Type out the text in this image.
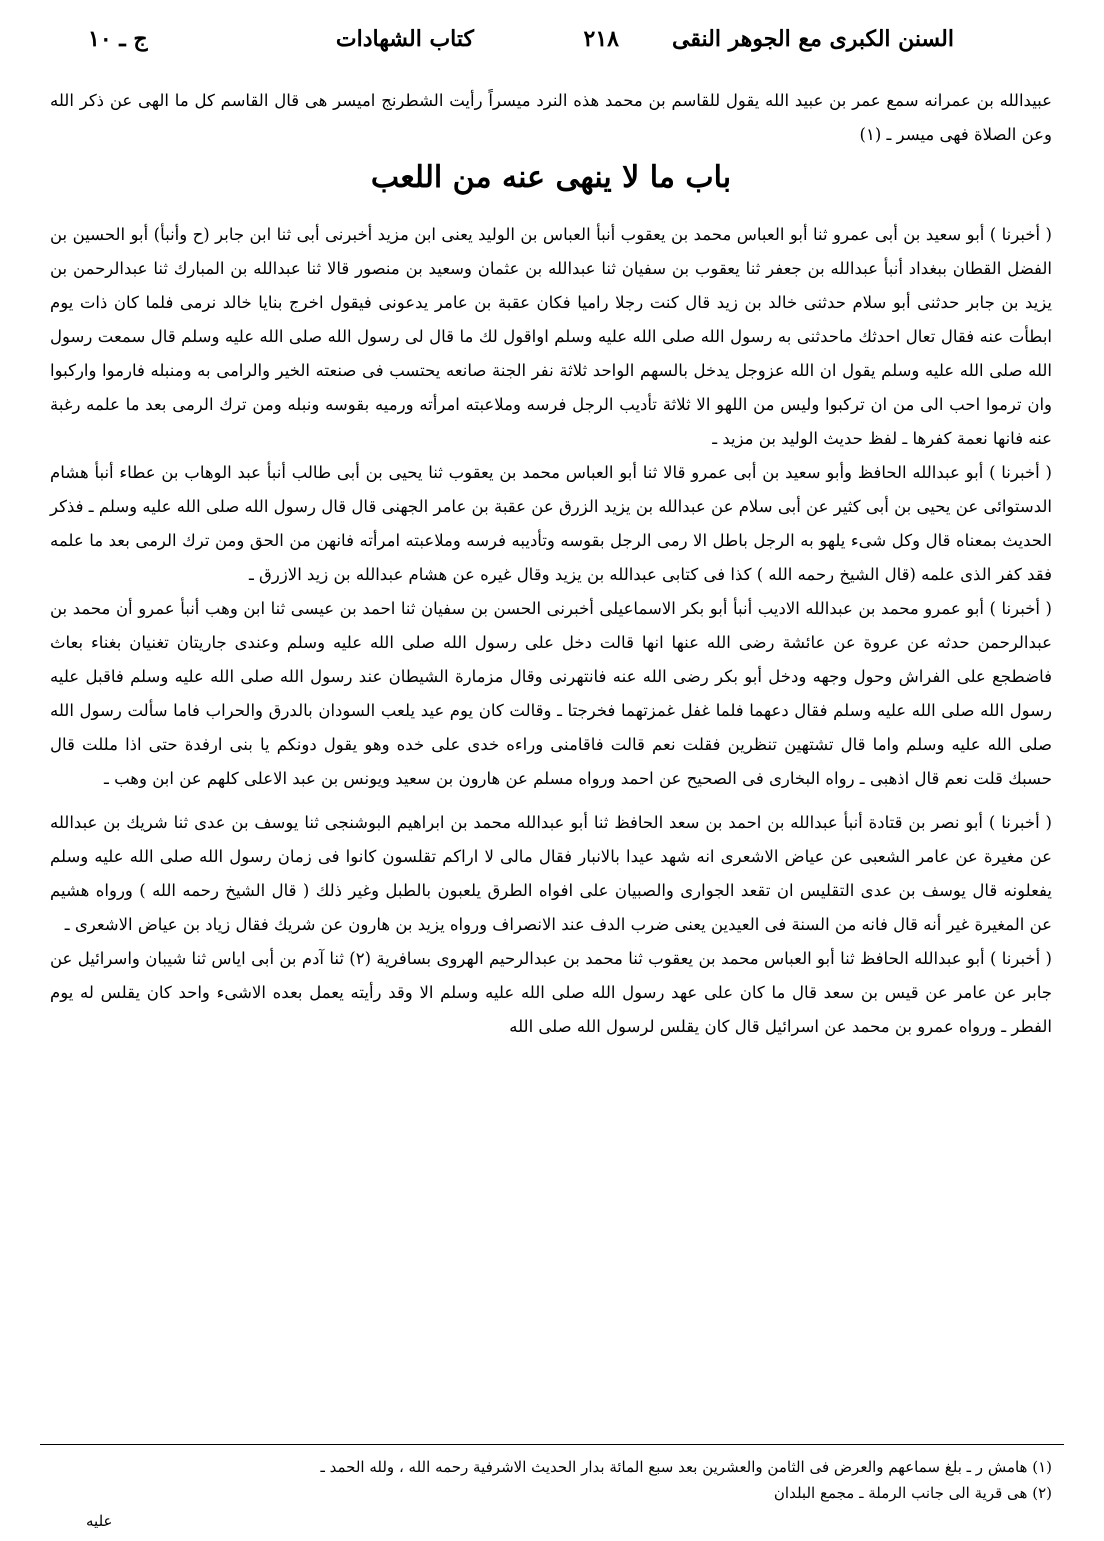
السنن الكبرى مع الجوهر النقى
٢١٨
كتاب الشهادات
ج ـ ١٠

عبيدالله بن عمرانه سمع عمر بن عبيد الله يقول للقاسم بن محمد هذه النرد ميسراً رأيت الشطرنج اميسر هى قال القاسم كل ما الهى عن ذكر الله وعن الصلاة فهى ميسر ـ (١)

باب ما لا ينهى عنه من اللعب

( أخبرنا ) أبو سعيد بن أبى عمرو ثنا أبو العباس محمد بن يعقوب أنبأ العباس بن الوليد يعنى ابن مزيد أخبرنى أبى ثنا ابن جابر (ح وأنبأ) أبو الحسين بن الفضل القطان ببغداد أنبأ عبدالله بن جعفر ثنا يعقوب بن سفيان ثنا عبدالله بن عثمان وسعيد بن منصور قالا ثنا عبدالله بن المبارك ثنا عبدالرحمن بن يزيد بن جابر حدثنى أبو سلام حدثنى خالد بن زيد قال كنت رجلا راميا فكان عقبة بن عامر يدعونى فيقول اخرج بنايا خالد نرمى فلما كان ذات يوم ابطأت عنه فقال تعال احدثك ماحدثنى به رسول الله صلى الله عليه وسلم اواقول لك ما قال لى رسول الله صلى الله عليه وسلم قال سمعت رسول الله صلى الله عليه وسلم يقول ان الله عزوجل يدخل بالسهم الواحد ثلاثة نفر الجنة صانعه يحتسب فى صنعته الخير والرامى به ومنبله فارموا واركبوا وان ترموا احب الى من ان تركبوا وليس من اللهو الا ثلاثة تأديب الرجل فرسه وملاعبته امرأته ورميه بقوسه ونبله ومن ترك الرمى بعد ما علمه رغبة عنه فانها نعمة كفرها ـ لفظ حديث الوليد بن مزيد ـ

( أخبرنا ) أبو عبدالله الحافظ وأبو سعيد بن أبى عمرو قالا ثنا أبو العباس محمد بن يعقوب ثنا يحيى بن أبى طالب أنبأ عبد الوهاب بن عطاء أنبأ هشام الدستوائى عن يحيى بن أبى كثير عن أبى سلام عن عبدالله بن يزيد الزرق عن عقبة بن عامر الجهنى قال قال رسول الله صلى الله عليه وسلم ـ فذكر الحديث بمعناه قال وكل شىء يلهو به الرجل باطل الا رمى الرجل بقوسه وتأديبه فرسه وملاعبته امرأته فانهن من الحق ومن ترك الرمى بعد ما علمه فقد كفر الذى علمه (قال الشيخ رحمه الله ) كذا فى كتابى عبدالله بن يزيد وقال غيره عن هشام عبدالله بن زيد الازرق ـ

( أخبرنا ) أبو عمرو محمد بن عبدالله الاديب أنبأ أبو بكر الاسماعيلى أخبرنى الحسن بن سفيان ثنا احمد بن عيسى ثنا ابن وهب أنبأ عمرو أن محمد بن عبدالرحمن حدثه عن عروة عن عائشة رضى الله عنها انها قالت دخل على رسول الله صلى الله عليه وسلم وعندى جاريتان تغنيان بغناء بعاث فاضطجع على الفراش وحول وجهه ودخل أبو بكر رضى الله عنه فانتهرنى وقال مزمارة الشيطان عند رسول الله صلى الله عليه وسلم فاقبل عليه رسول الله صلى الله عليه وسلم فقال دعهما فلما غفل غمزتهما فخرجتا ـ وقالت كان يوم عيد يلعب السودان بالدرق والحراب فاما سألت رسول الله صلى الله عليه وسلم واما قال تشتهين تنظرين فقلت نعم قالت فاقامنى وراءه خدى على خده وهو يقول دونكم يا بنى ارفدة حتى اذا مللت قال حسبك قلت نعم قال اذهبى ـ رواه البخارى فى الصحيح عن احمد ورواه مسلم عن هارون بن سعيد ويونس بن عبد الاعلى كلهم عن ابن وهب ـ

( أخبرنا ) أبو نصر بن قتادة أنبأ عبدالله بن احمد بن سعد الحافظ ثنا أبو عبدالله محمد بن ابراهيم البوشنجى ثنا يوسف بن عدى ثنا شريك بن عبدالله عن مغيرة عن عامر الشعبى عن عياض الاشعرى انه شهد عيدا بالانبار فقال مالى لا اراكم تقلسون كانوا فى زمان رسول الله صلى الله عليه وسلم يفعلونه قال يوسف بن عدى التقليس ان تقعد الجوارى والصبيان على افواه الطرق يلعبون بالطبل وغير ذلك ( قال الشيخ رحمه الله ) ورواه هشيم عن المغيرة غير أنه قال فانه من السنة فى العيدين يعنى ضرب الدف عند الانصراف ورواه يزيد بن هارون عن شريك فقال زياد بن عياض الاشعرى ـ

( أخبرنا ) أبو عبدالله الحافظ ثنا أبو العباس محمد بن يعقوب ثنا محمد بن عبدالرحيم الهروى بسافرية (٢) ثنا آدم بن أبى اياس ثنا شيبان واسرائيل عن جابر عن عامر عن قيس بن سعد قال ما كان على عهد رسول الله صلى الله عليه وسلم الا وقد رأيته يعمل بعده الاشىء واحد كان يقلس له يوم الفطر ـ ورواه عمرو بن محمد عن اسرائيل قال كان يقلس لرسول الله صلى الله

(١) هامش ر ـ بلغ سماعهم والعرض فى الثامن والعشرين بعد سبع المائة بدار الحديث الاشرفية رحمه الله ، ولله الحمد ـ

(٢) هى قرية الى جانب الرملة ـ مجمع البلدان

عليه
